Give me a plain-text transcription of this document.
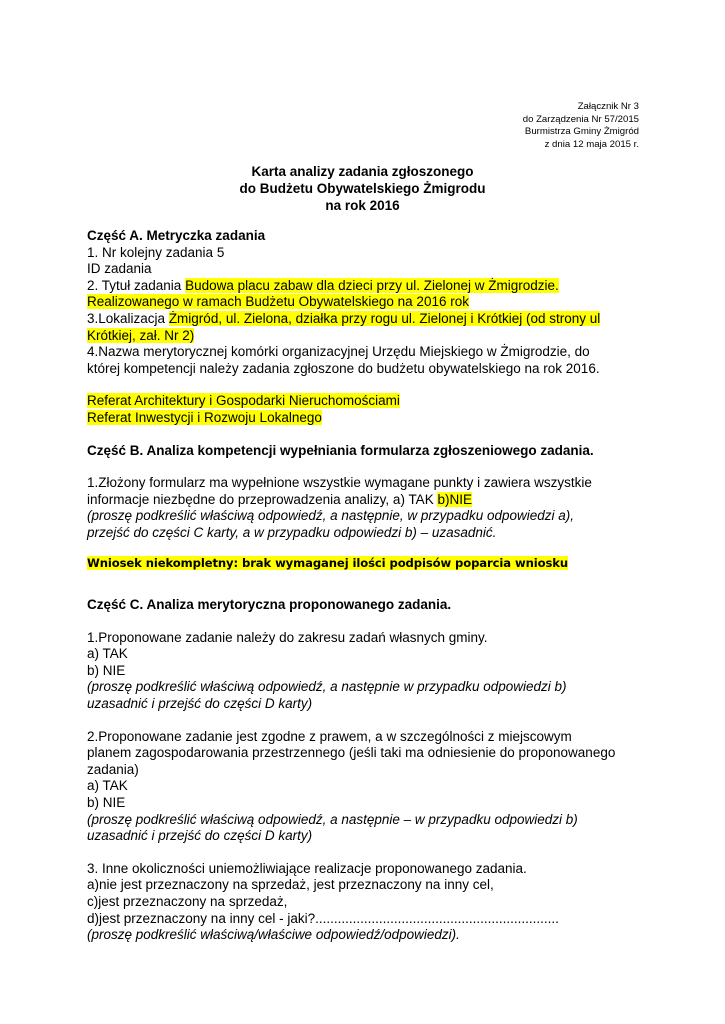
Załącznik Nr 3
do Zarządzenia Nr 57/2015
Burmistrza Gminy Żmigród
z dnia 12 maja 2015 r.
Karta analizy zadania zgłoszonego
do Budżetu Obywatelskiego Żmigrodu
na rok 2016

Część A. Metryczka zadania

1. Nr kolejny zadania 5

ID zadania

2. Tytuł zadania Budowa placu zabaw dla dzieci przy ul. Zielonej w Żmigrodzie.

Realizowanego w ramach Budżetu Obywatelskiego na 2016 rok

3.Lokalizacja Żmigród, ul. Zielona, działka przy rogu ul. Zielonej i Krótkiej (od strony ul

Krótkiej, zał. Nr 2)

4.Nazwa merytorycznej komórki organizacyjnej Urzędu Miejskiego w Żmigrodzie, do

której kompetencji należy zadania zgłoszone do budżetu obywatelskiego na rok 2016.

Referat Architektury i Gospodarki Nieruchomościami

Referat Inwestycji i Rozwoju Lokalnego

Część B. Analiza kompetencji wypełniania formularza zgłoszeniowego zadania.

1.Złożony formularz ma wypełnione wszystkie wymagane punkty i zawiera wszystkie

informacje niezbędne do przeprowadzenia analizy, a) TAK b)NIE

(proszę podkreślić właściwą odpowiedź, a następnie, w przypadku odpowiedzi a),

przejść do części C karty, a w przypadku odpowiedzi b) – uzasadnić.

Wniosek niekompletny: brak wymaganej ilości podpisów poparcia wniosku

Część C. Analiza merytoryczna proponowanego zadania.

1.Proponowane zadanie należy do zakresu zadań własnych gminy.

a) TAK

b) NIE

(proszę podkreślić właściwą odpowiedź, a następnie w przypadku odpowiedzi b)

uzasadnić i przejść do części D karty)

2.Proponowane zadanie jest zgodne z prawem, a w szczególności z miejscowym

planem zagospodarowania przestrzennego (jeśli taki ma odniesienie do proponowanego

zadania)

a) TAK

b) NIE

(proszę podkreślić właściwą odpowiedź, a następnie – w przypadku odpowiedzi b)

uzasadnić i przejść do części D karty)

3. Inne okoliczności uniemożliwiające realizacje proponowanego zadania.

a)nie jest przeznaczony na sprzedaż, jest przeznaczony na inny cel,

c)jest przeznaczony na sprzedaż,

d)jest przeznaczony na inny cel - jaki?.................................................................

(proszę podkreślić właściwą/właściwe odpowiedź/odpowiedzi).
